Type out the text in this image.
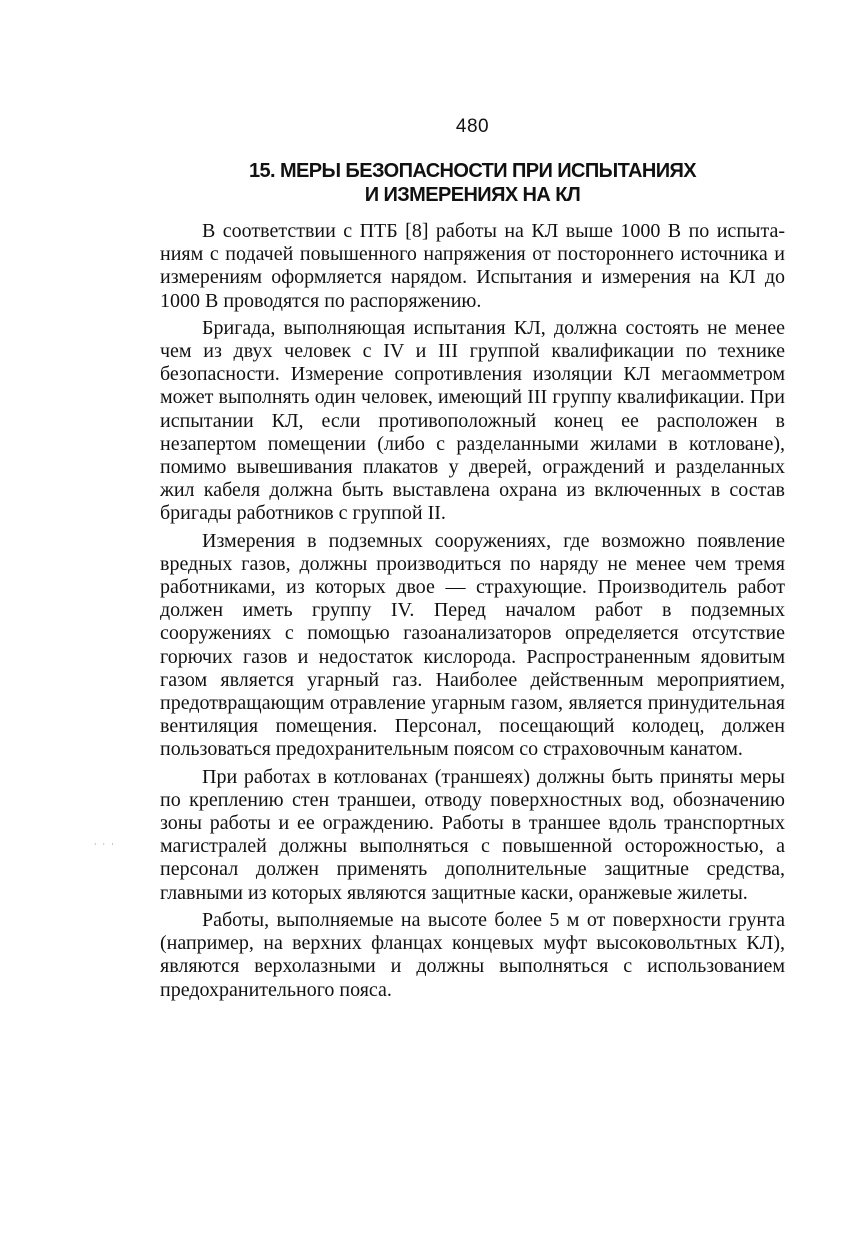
480
15. МЕРЫ БЕЗОПАСНОСТИ ПРИ ИСПЫТАНИЯХ
И ИЗМЕРЕНИЯХ НА КЛ

В соответствии с ПТБ [8] работы на КЛ выше 1000 В по испытаниям с подачей повышенного напряжения от постороннего источника и измерениям оформляется нарядом. Испытания и измерения на КЛ до 1000 В проводятся по распоряжению.

Бригада, выполняющая испытания КЛ, должна состоять не менее чем из двух человек с IV и III группой квалификации по технике безопасности. Измерение сопротивления изоляции КЛ мегаомметром может выполнять один человек, имеющий III группу квалификации. При испытании КЛ, если противоположный конец ее расположен в незапертом помещении (либо с разделанными жилами в котловане), помимо вывешивания плакатов у дверей, ограждений и разделанных жил кабеля должна быть выставлена охрана из включенных в состав бригады работников с группой II.

Измерения в подземных сооружениях, где возможно появление вредных газов, должны производиться по наряду не менее чем тремя работниками, из которых двое — страхующие. Производитель работ должен иметь группу IV. Перед началом работ в подземных сооружениях с помощью газоанализаторов определяется отсутствие горючих газов и недостаток кислорода. Распространенным ядовитым газом является угарный газ. Наиболее действенным мероприятием, предотвращающим отравление угарным газом, является принудительная вентиляция помещения. Персонал, посещающий колодец, должен пользоваться предохранительным поясом со страховочным канатом.

При работах в котлованах (траншеях) должны быть приняты меры по креплению стен траншеи, отводу поверхностных вод, обозначению зоны работы и ее ограждению. Работы в траншее вдоль транспортных магистралей должны выполняться с повышенной осторожностью, а персонал должен применять дополнительные защитные средства, главными из которых являются защитные каски, оранжевые жилеты.

Работы, выполняемые на высоте более 5 м от поверхности грунта (например, на верхних фланцах концевых муфт высоковольтных КЛ), являются верхолазными и должны выполняться с использованием предохранительного пояса.

···
